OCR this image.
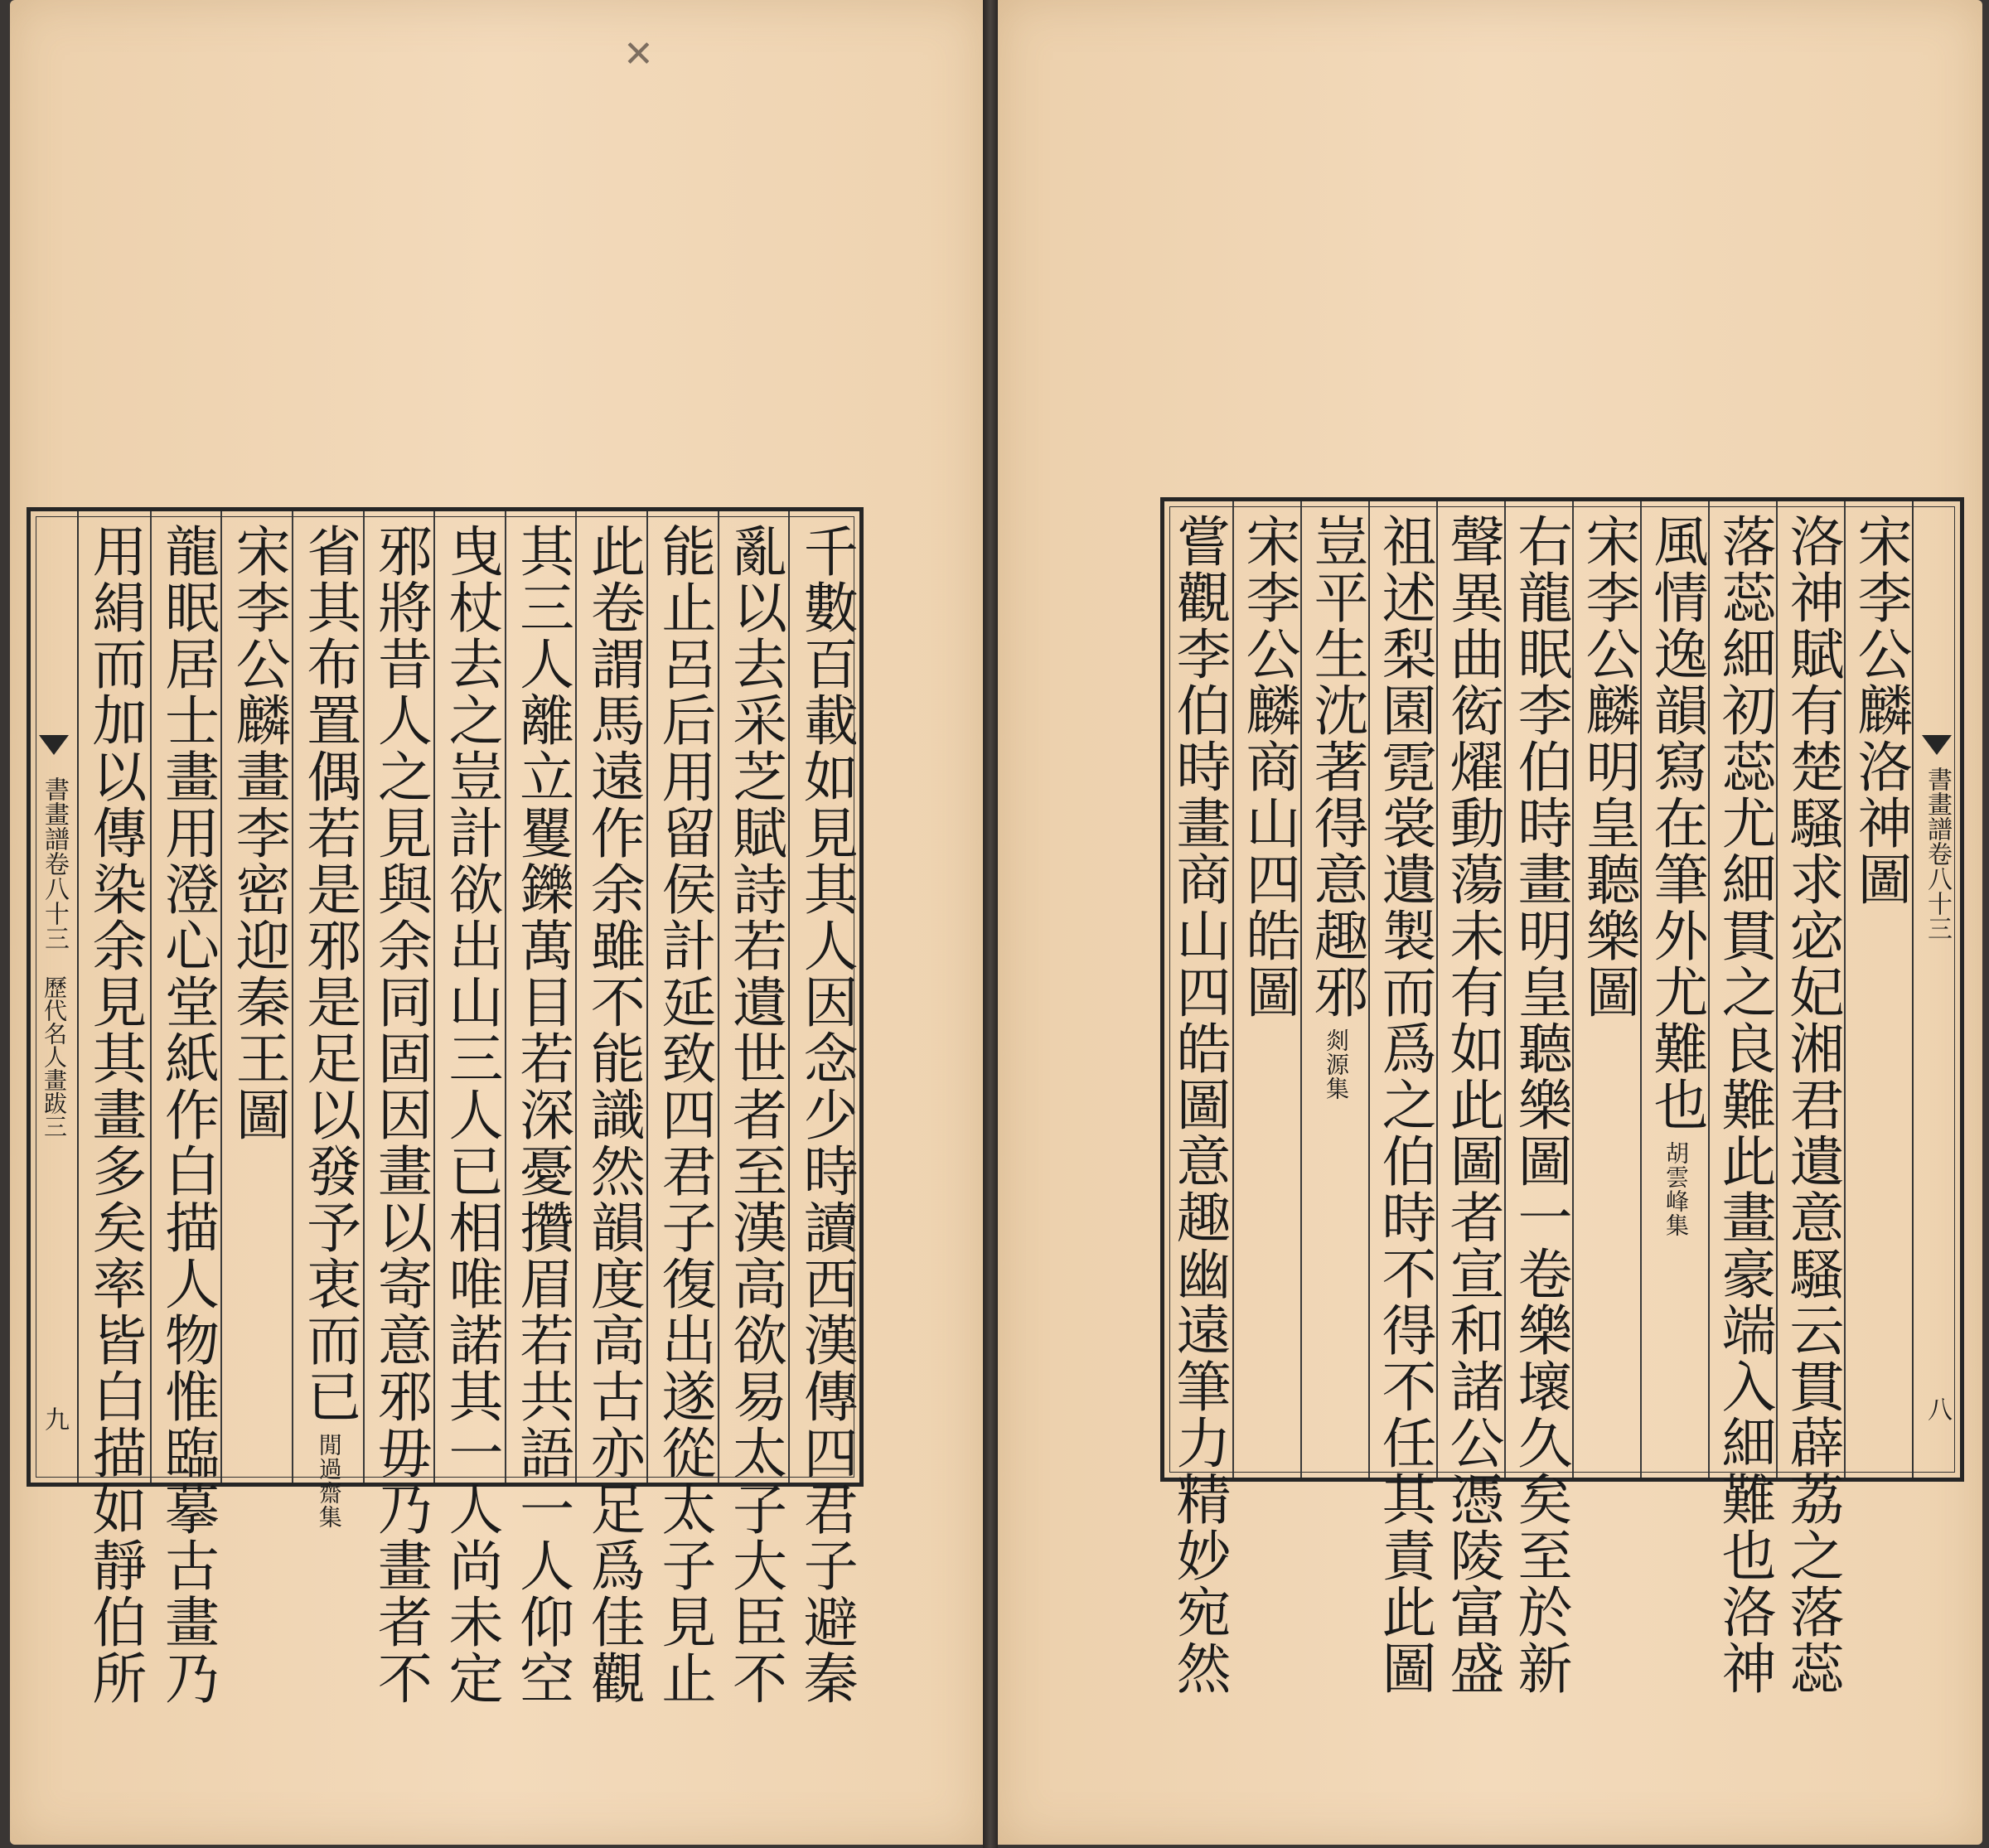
✕
書畫譜卷八十三
歷代名人畫跋三
九	千數百載如見其人因念少時讀西漢傳四君子避秦
亂以去采芝賦詩若遺世者至漢高欲易太子大臣不
能止呂后用留侯計延致四君子復出遂從太子見止
此卷謂馬遠作余雖不能識然韻度高古亦足爲佳觀
其三人離立矍鑠萬目若深憂攢眉若共語一人仰空
曳杖去之豈計欲出山三人已相唯諾其一人尚未定
邪將昔人之見與余同固因畫以寄意邪毋乃畫者不
省其布置偶若是邪是足以發予衷而已
閒過齋集
宋李公麟畫李密迎秦王圖
龍眠居士畫用澄心堂紙作白描人物惟臨摹古畫乃
用絹而加以傳染余見其畫多矣率皆白描如靜伯所	宋李公麟洛神圖
洛神賦有楚騷求宓妃湘君遺意騷云貫薜荔之落蕊
落蕊細初蕊尤細貫之良難此畫豪端入細難也洛神
風情逸韻寫在筆外尤難也
胡雲峰集
宋李公麟明皇聽樂圖
右龍眠李伯時畫明皇聽樂圖一卷樂壞久矣至於新
聲異曲衒燿動蕩未有如此圖者宣和諸公憑陵富盛
祖述梨園霓裳遺製而爲之伯時不得不任其責此圖
豈平生沈著得意趣邪
剡源集
宋李公麟商山四皓圖
嘗觀李伯時畫商山四皓圖意趣幽遠筆力精妙宛然	書畫譜卷八十三
八
